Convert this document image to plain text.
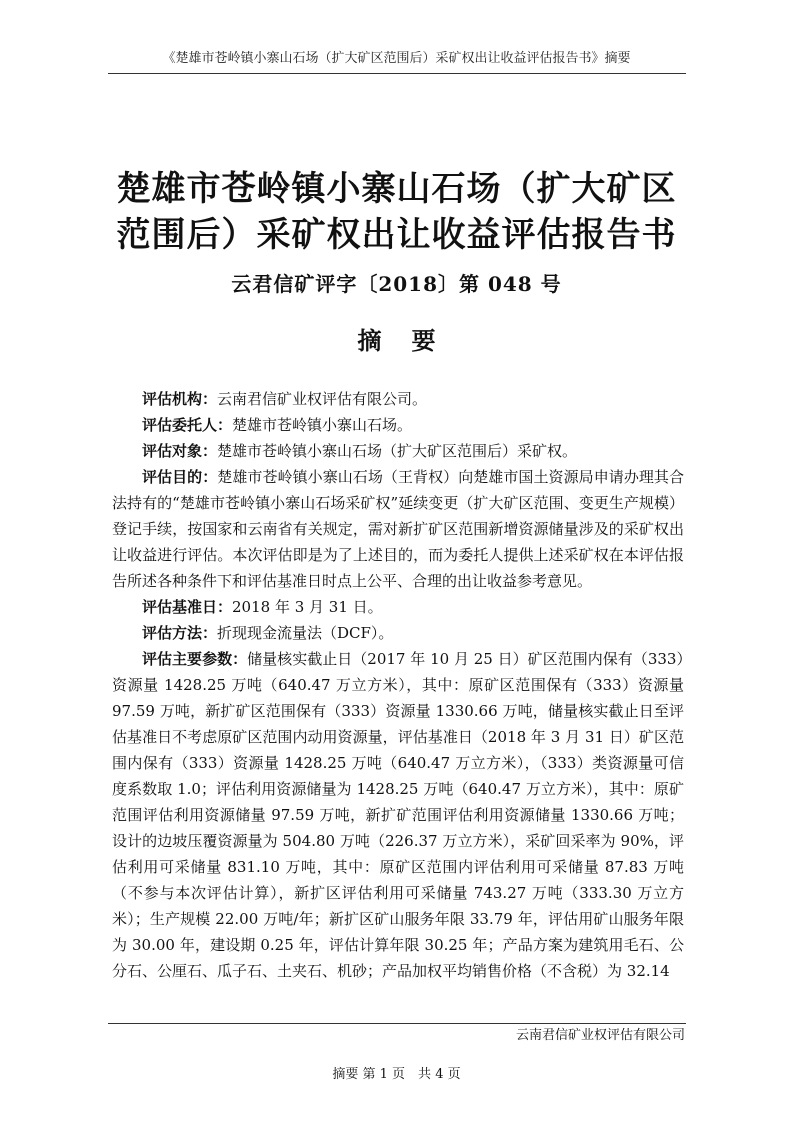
《楚雄市苍岭镇小寨山石场（扩大矿区范围后）采矿权出让收益评估报告书》摘要
楚雄市苍岭镇小寨山石场（扩大矿区范围后）采矿权出让收益评估报告书
云君信矿评字〔2018〕第 048 号
摘要

评估机构：云南君信矿业权评估有限公司。

评估委托人：楚雄市苍岭镇小寨山石场。

评估对象：楚雄市苍岭镇小寨山石场（扩大矿区范围后）采矿权。

评估目的：楚雄市苍岭镇小寨山石场（王背权）向楚雄市国土资源局申请办理其合法持有的“楚雄市苍岭镇小寨山石场采矿权”延续变更（扩大矿区范围、变更生产规模）登记手续，按国家和云南省有关规定，需对新扩矿区范围新增资源储量涉及的采矿权出让收益进行评估。本次评估即是为了上述目的，而为委托人提供上述采矿权在本评估报告所述各种条件下和评估基准日时点上公平、合理的出让收益参考意见。

评估基准日：2018 年 3 月 31 日。

评估方法：折现现金流量法（DCF）。

评估主要参数：储量核实截止日（2017 年 10 月 25 日）矿区范围内保有（333）资源量 1428.25 万吨（640.47 万立方米），其中：原矿区范围保有（333）资源量 97.59 万吨，新扩矿区范围保有（333）资源量 1330.66 万吨，储量核实截止日至评估基准日不考虑原矿区范围内动用资源量，评估基准日（2018 年 3 月 31 日）矿区范围内保有（333）资源量 1428.25 万吨（640.47 万立方米），（333）类资源量可信度系数取 1.0；评估利用资源储量为 1428.25 万吨（640.47 万立方米），其中：原矿范围评估利用资源储量 97.59 万吨，新扩矿范围评估利用资源储量 1330.66 万吨；设计的边坡压覆资源量为 504.80 万吨（226.37 万立方米），采矿回采率为 90%，评估利用可采储量 831.10 万吨，其中：原矿区范围内评估利用可采储量 87.83 万吨（不参与本次评估计算），新扩区评估利用可采储量 743.27 万吨（333.30 万立方米）；生产规模 22.00 万吨/年；新扩区矿山服务年限 33.79 年，评估用矿山服务年限为 30.00 年，建设期 0.25 年，评估计算年限 30.25 年；产品方案为建筑用毛石、公分石、公厘石、瓜子石、土夹石、机砂；产品加权平均销售价格（不含税）为 32.14

云南君信矿业权评估有限公司
摘要 第 1 页　共 4 页
